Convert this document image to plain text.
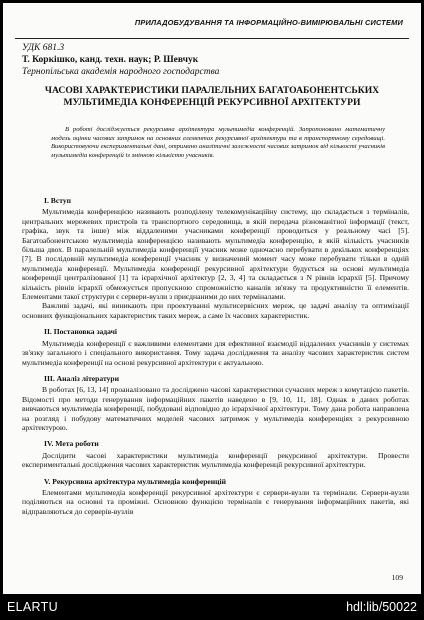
ПРИЛАДОБУДУВАННЯ ТА ІНФОРМАЦІЙНО-ВИМІРЮВАЛЬНІ СИСТЕМИ
УДК 681.3
Т. Коркішко, канд. техн. наук; Р. Шевчук
Тернопільська академія народного господарства
ЧАСОВІ ХАРАКТЕРИСТИКИ ПАРАЛЕЛЬНИХ БАГАТОАБОНЕНТСЬКИХ МУЛЬТИМЕДІА КОНФЕРЕНЦІЙ РЕКУРСИВНОЇ АРХІТЕКТУРИ
В роботі досліджується рекурсивна архітектура мультимедіа конференцій. Запропоновано математичну модель оцінки часових затримок на основних елементах рекурсивної архітектури та в транспортному середовищі. Використовуючи експериментальні дані, отримано аналітичні залежності часових затримок від кількості учасників мультимедіа конференцій із змінною кількістю учасників.
І. Вступ

Мультимедіа конференцією називають розподілену телекомунікаційну систему, що складається з терміналів, центральних мережевих пристроїв та транспортного середовища, в якій передача різноманітної інформації (текст, графіка, звук та інше) між віддаленими учасниками конференції проводиться у реальному часі [5]. Багатоабонентською мультимедіа конференцією називають мультимедіа конференцію, в якій кількість учасників більша двох. В паралельній мультимедіа конференції учасник може одночасно перебувати в декількох конференціях [7]. В послідовній мультимедіа конференції учасник у визначений момент часу може перебувати тільки в одній мультимедіа конференції. Мультимедіа конференції рекурсивної архітектури будується на основі мультимедіа конференції централізованої [1] та ієрархічної архітектур [2, 3, 4] та складається з N рівнів ієрархії [5]. Причому кількість рівнів ієрархії обмежується пропускною спроможністю каналів зв'язку та продуктивністю її елементів. Елементами такої структури є сервери-вузли з приєднаними до них терміналами.

Важливі задачі, які виникають при проектуванні мультисервісних мереж, це задачі аналізу та оптимізації основних функціональних характеристик таких мереж, а саме їх часових характеристик.

ІІ. Постановка задачі

Мультимедіа конференції є важливими елементами для ефективної взаємодії віддалених учасників у системах зв'язку загального і спеціального використання. Тому задача дослідження та аналізу часових характеристик систем мультимедіа конференції на основі рекурсивної архітектури є актуальною.

ІІІ. Аналіз літератури

В роботах [6, 13, 14] проаналізовано та досліджено часові характеристики сучасних мереж з комутацією пакетів. Відомості про методи генерування інформаційних пакетів наведено в [9, 10, 11, 18]. Однак в даних роботах вивчаються мультимедіа конференції, побудовані відповідно до ієрархічної архітектури. Тому дана робота направлена на розгляд і побудову математичних моделей часових затримок у мультимедіа конференціях з рекурсивною архітектурою.

IV. Мета роботи

Дослідити часові характеристики мультимедіа конференції рекурсивної архітектури. Провести експериментальні дослідження часових характеристик мультимедіа конференції рекурсивної архітектури.

V. Рекурсивна архітектура мультимедіа конференцій

Елементами мультимедіа конференції рекурсивної архітектури є сервери-вузли та термінали. Сервери-вузли поділяються на основні та проміжні. Основною функцією терміналів є генерування інформаційних пакетів, які відправляються до серверів-вузлів

109
ELARTU	hdl:lib/50022
